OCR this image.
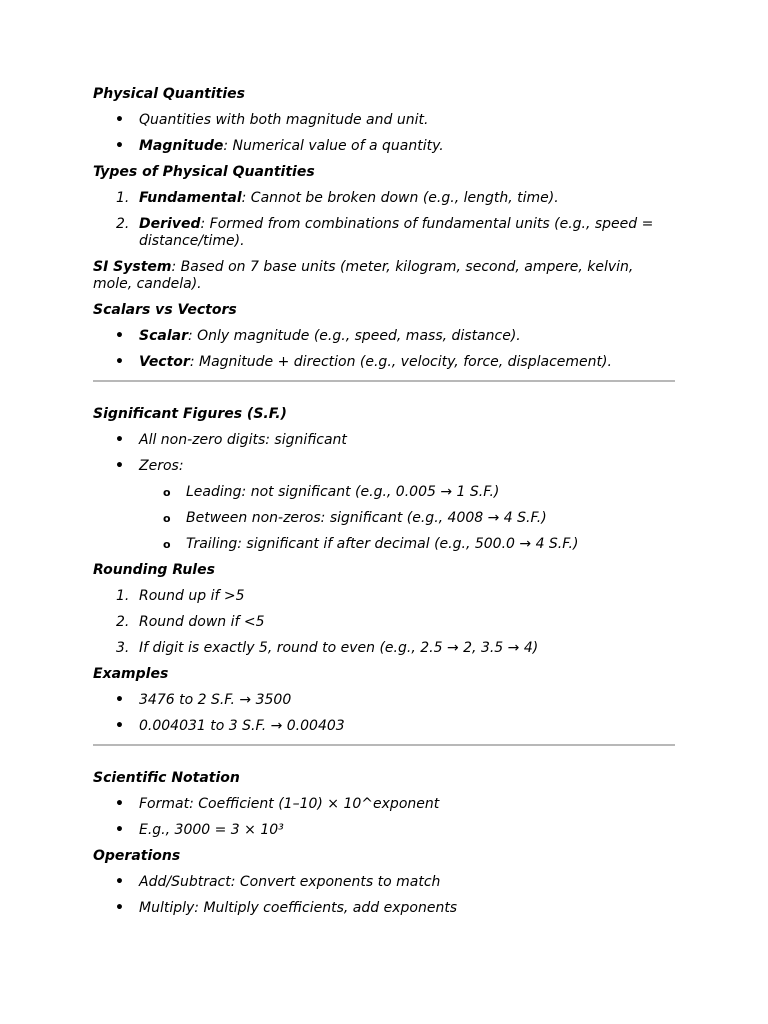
Physical Quantities
• Quantities with both magnitude and unit.
• Magnitude: Numerical value of a quantity.
Types of Physical Quantities
1. Fundamental: Cannot be broken down (e.g., length, time).
2. Derived: Formed from combinations of fundamental units (e.g., speed = distance/time).
SI System: Based on 7 base units (meter, kilogram, second, ampere, kelvin, mole, candela).
Scalars vs Vectors
• Scalar: Only magnitude (e.g., speed, mass, distance).
• Vector: Magnitude + direction (e.g., velocity, force, displacement).
Significant Figures (S.F.)
• All non-zero digits: significant
• Zeros:
o Leading: not significant (e.g., 0.005 → 1 S.F.)
o Between non-zeros: significant (e.g., 4008 → 4 S.F.)
o Trailing: significant if after decimal (e.g., 500.0 → 4 S.F.)
Rounding Rules
1. Round up if >5
2. Round down if <5
3. If digit is exactly 5, round to even (e.g., 2.5 → 2, 3.5 → 4)
Examples
• 3476 to 2 S.F. → 3500
• 0.004031 to 3 S.F. → 0.00403
Scientific Notation
• Format: Coefficient (1–10) × 10^exponent
• E.g., 3000 = 3 × 10³
Operations
• Add/Subtract: Convert exponents to match
• Multiply: Multiply coefficients, add exponents
